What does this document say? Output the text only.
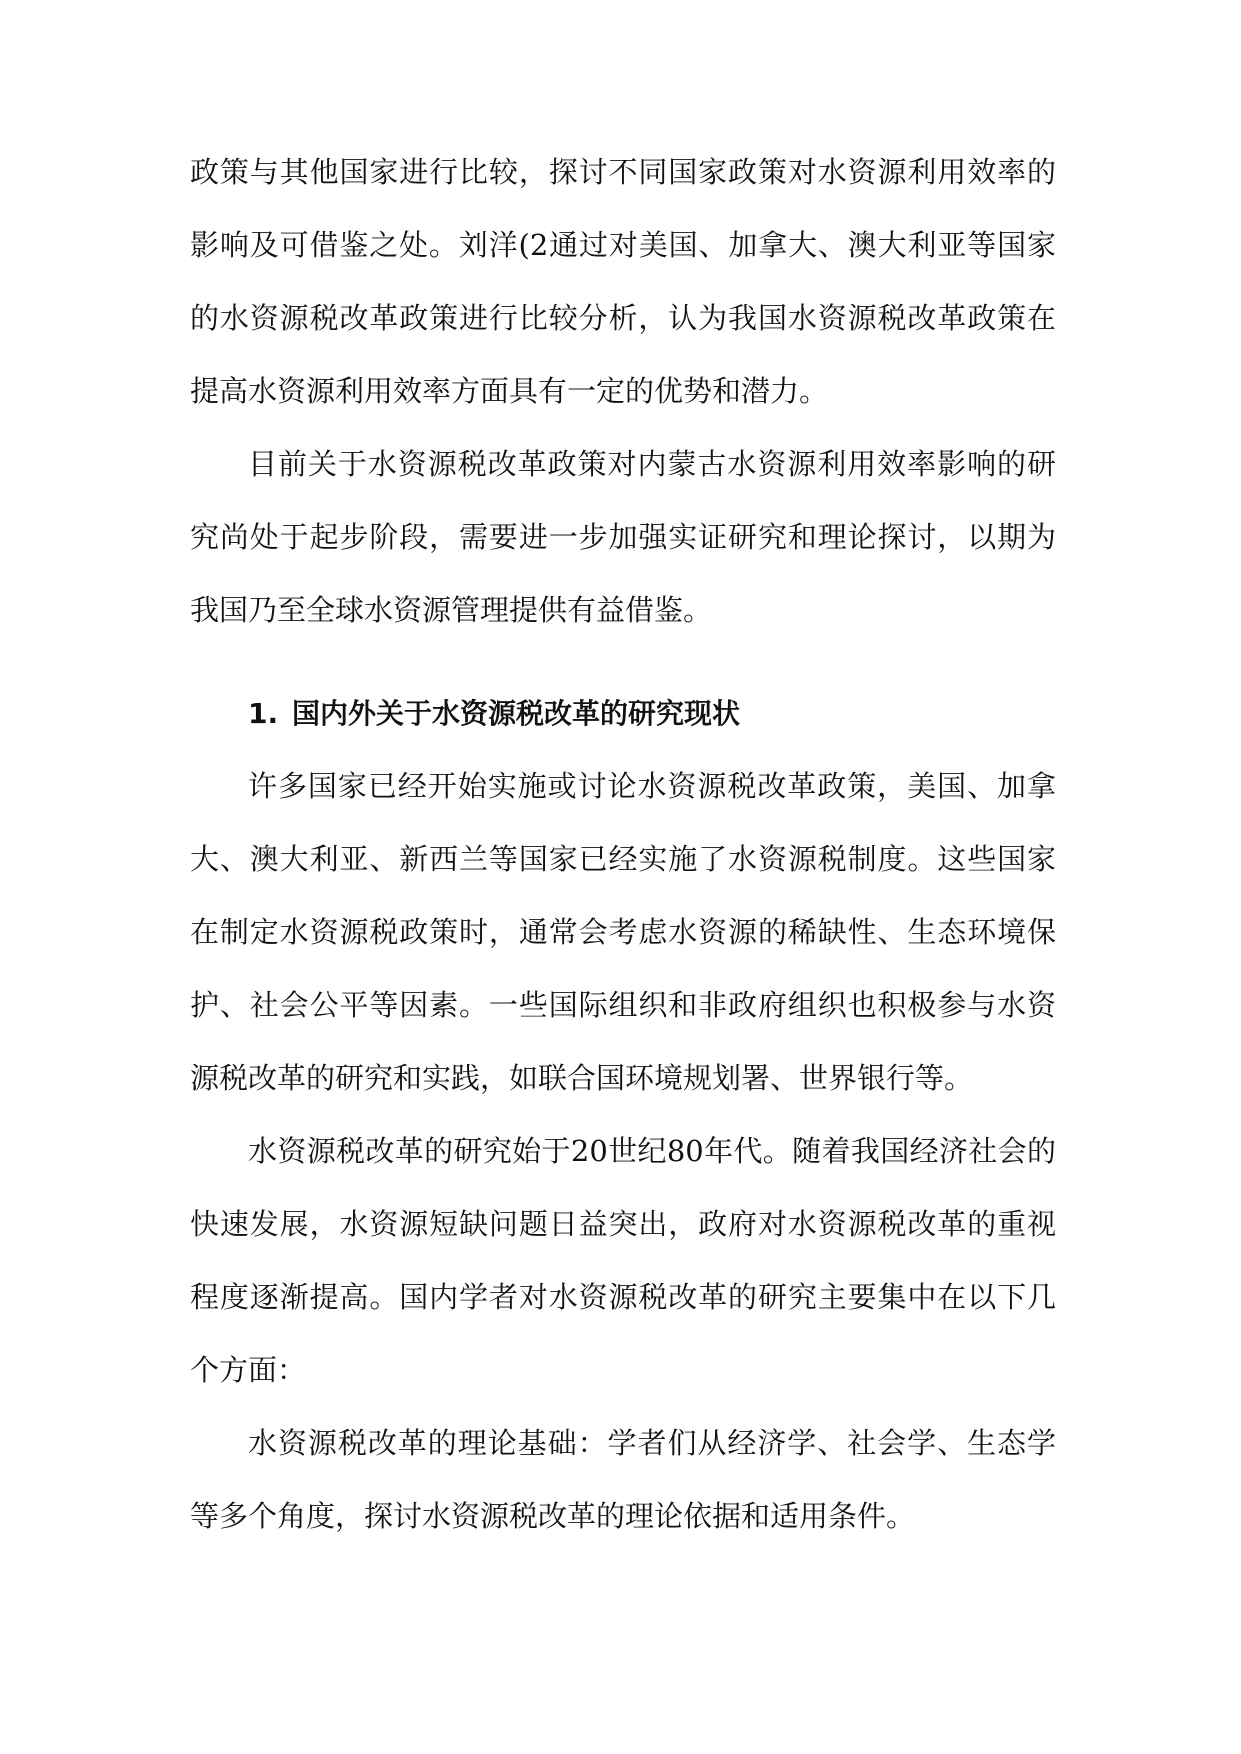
政策与其他国家进行比较，探讨不同国家政策对水资源利用效率的影响及可借鉴之处。刘洋(2通过对美国、加拿大、澳大利亚等国家的水资源税改革政策进行比较分析，认为我国水资源税改革政策在提高水资源利用效率方面具有一定的优势和潜力。

目前关于水资源税改革政策对内蒙古水资源利用效率影响的研究尚处于起步阶段，需要进一步加强实证研究和理论探讨，以期为我国乃至全球水资源管理提供有益借鉴。

1. 国内外关于水资源税改革的研究现状

许多国家已经开始实施或讨论水资源税改革政策，美国、加拿大、澳大利亚、新西兰等国家已经实施了水资源税制度。这些国家在制定水资源税政策时，通常会考虑水资源的稀缺性、生态环境保护、社会公平等因素。一些国际组织和非政府组织也积极参与水资源税改革的研究和实践，如联合国环境规划署、世界银行等。

水资源税改革的研究始于20世纪80年代。随着我国经济社会的快速发展，水资源短缺问题日益突出，政府对水资源税改革的重视程度逐渐提高。国内学者对水资源税改革的研究主要集中在以下几个方面：

水资源税改革的理论基础：学者们从经济学、社会学、生态学等多个角度，探讨水资源税改革的理论依据和适用条件。
